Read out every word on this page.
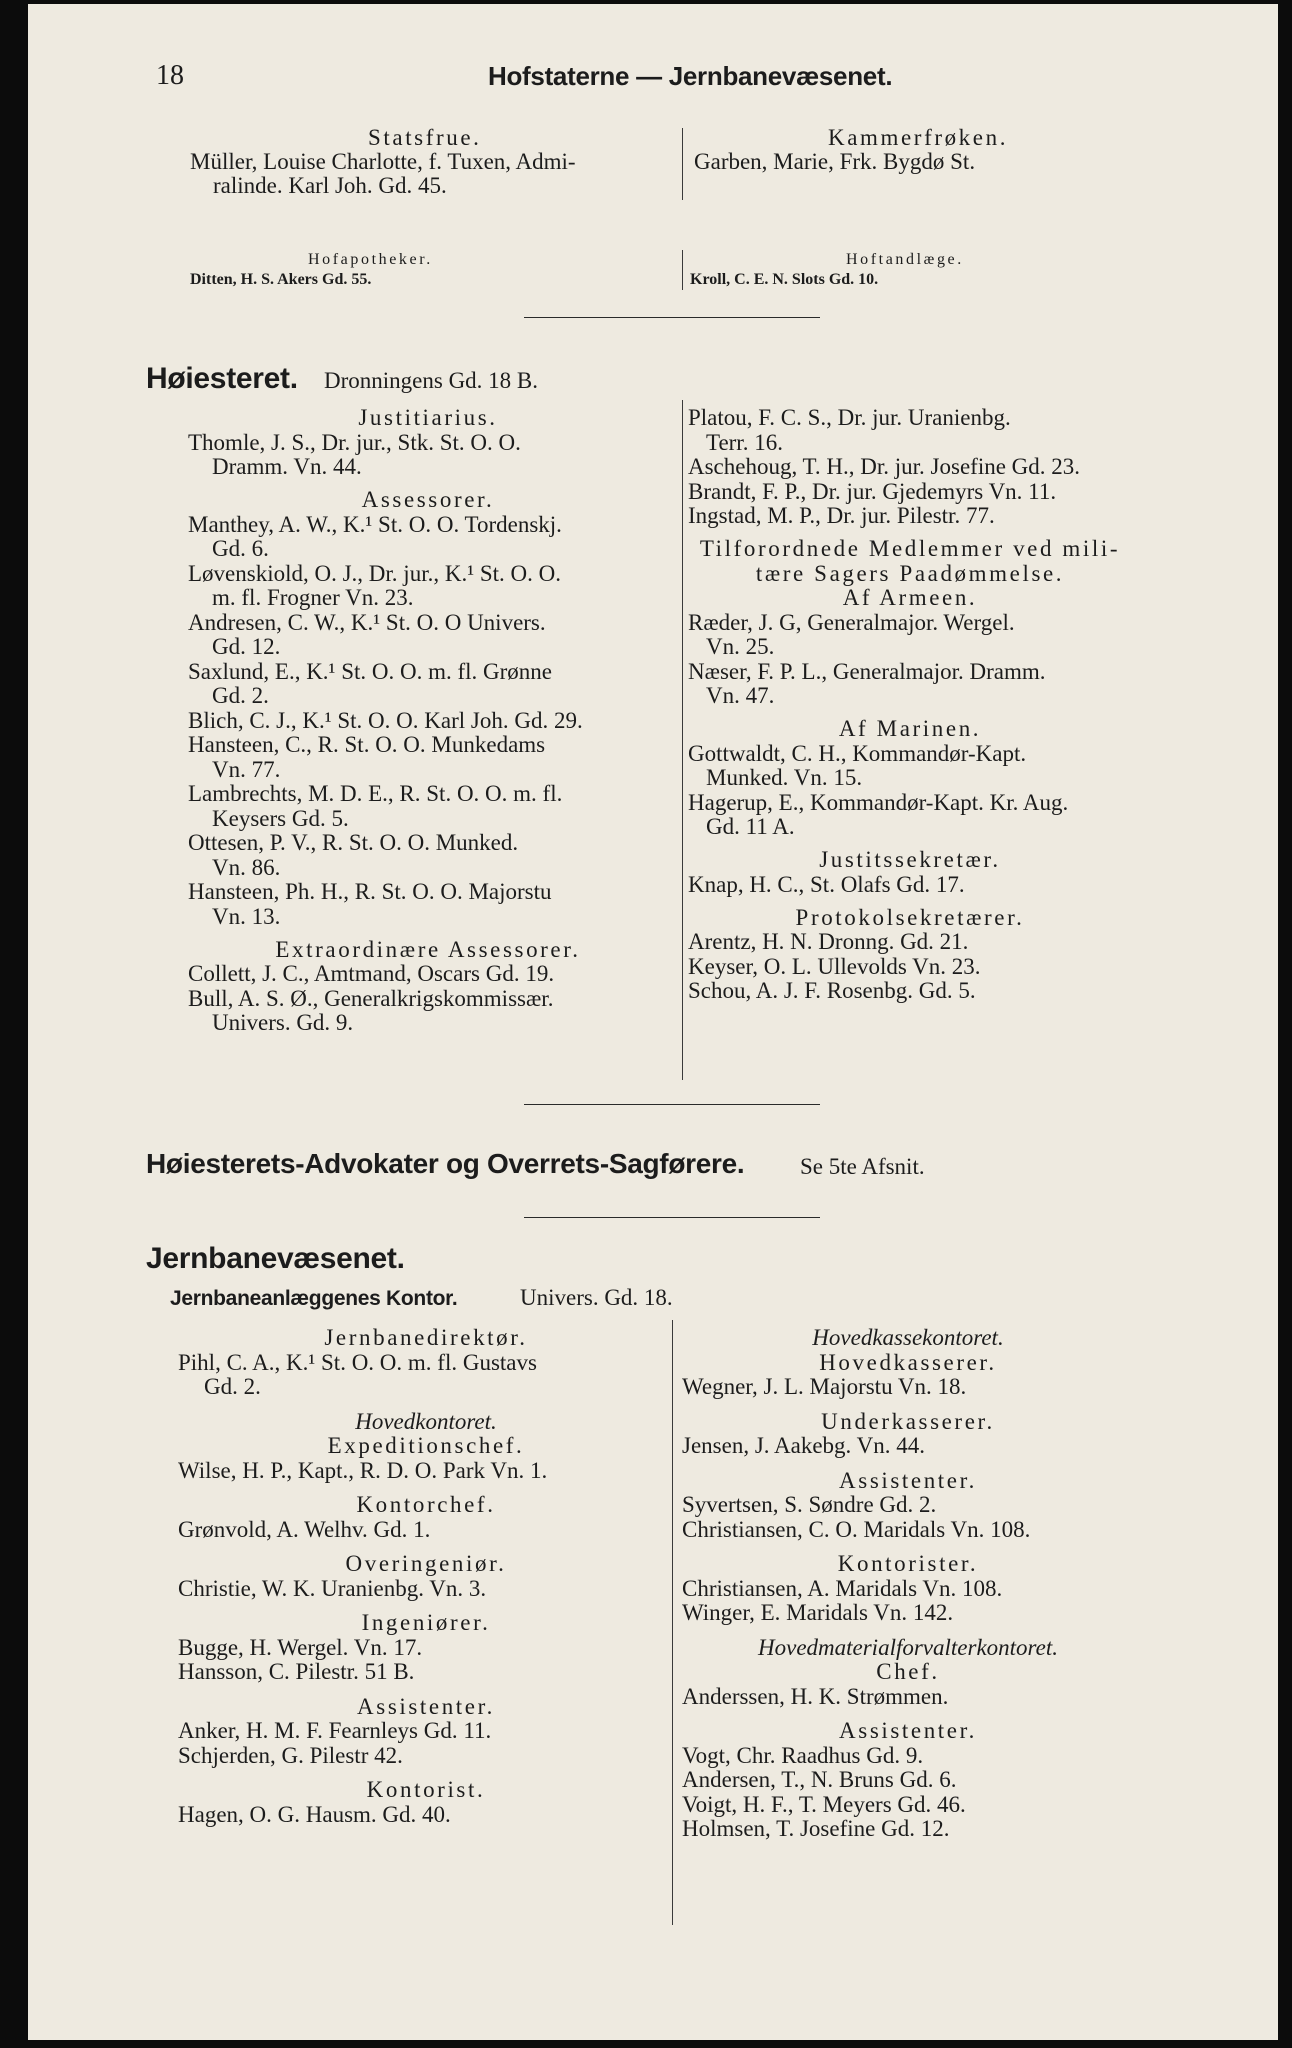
18	Hofstaterne — Jernbanevæsenet.
Statsfrue.
Müller, Louise Charlotte, f. Tuxen, Admi-
ralinde. Karl Joh. Gd. 45.
Kammerfrøken.
Garben, Marie, Frk. Bygdø St.
Hofapotheker.
Ditten, H. S. Akers Gd. 55.
Hoftandlæge.
Kroll, C. E. N. Slots Gd. 10.
Høiesteret. Dronningens Gd. 18 B.
Høiesterets-Advokater og Overrets-Sagførere. Se 5te Afsnit.
Jernbanevæsenet.
Jernbaneanlæggenes Kontor.	Univers. Gd. 18.
Justitiarius.
Thomle, J. S., Dr. jur., Stk. St. O. O.
Dramm. Vn. 44.
Assessorer.
Manthey, A. W., K.¹ St. O. O. Tordenskj.
Gd. 6.
Løvenskiold, O. J., Dr. jur., K.¹ St. O. O.
m. fl. Frogner Vn. 23.
Andresen, C. W., K.¹ St. O. O Univers.
Gd. 12.
Saxlund, E., K.¹ St. O. O. m. fl. Grønne
Gd. 2.
Blich, C. J., K.¹ St. O. O. Karl Joh. Gd. 29.
Hansteen, C., R. St. O. O. Munkedams
Vn. 77.
Lambrechts, M. D. E., R. St. O. O. m. fl.
Keysers Gd. 5.
Ottesen, P. V., R. St. O. O. Munked.
Vn. 86.
Hansteen, Ph. H., R. St. O. O. Majorstu
Vn. 13.
Extraordinære Assessorer.
Collett, J. C., Amtmand, Oscars Gd. 19.
Bull, A. S. Ø., Generalkrigskommissær.
Univers. Gd. 9.
Platou, F. C. S., Dr. jur. Uranienbg.
Terr. 16.
Aschehoug, T. H., Dr. jur. Josefine Gd. 23.
Brandt, F. P., Dr. jur. Gjedemyrs Vn. 11.
Ingstad, M. P., Dr. jur. Pilestr. 77.
Tilforordnede Medlemmer ved mili-
tære Sagers Paadømmelse.
Af Armeen.
Ræder, J. G, Generalmajor. Wergel.
Vn. 25.
Næser, F. P. L., Generalmajor. Dramm.
Vn. 47.
Af Marinen.
Gottwaldt, C. H., Kommandør-Kapt.
Munked. Vn. 15.
Hagerup, E., Kommandør-Kapt. Kr. Aug.
Gd. 11 A.
Justitssekretær.
Knap, H. C., St. Olafs Gd. 17.
Protokolsekretærer.
Arentz, H. N. Dronng. Gd. 21.
Keyser, O. L. Ullevolds Vn. 23.
Schou, A. J. F. Rosenbg. Gd. 5.
Jernbanedirektør.
Pihl, C. A., K.¹ St. O. O. m. fl. Gustavs
Gd. 2.
Hovedkontoret.
Expeditionschef.
Wilse, H. P., Kapt., R. D. O. Park Vn. 1.
Kontorchef.
Grønvold, A. Welhv. Gd. 1.
Overingeniør.
Christie, W. K. Uranienbg. Vn. 3.
Ingeniører.
Bugge, H. Wergel. Vn. 17.
Hansson, C. Pilestr. 51 B.
Assistenter.
Anker, H. M. F. Fearnleys Gd. 11.
Schjerden, G. Pilestr 42.
Kontorist.
Hagen, O. G. Hausm. Gd. 40.
Hovedkassekontoret.
Hovedkasserer.
Wegner, J. L. Majorstu Vn. 18.
Underkasserer.
Jensen, J. Aakebg. Vn. 44.
Assistenter.
Syvertsen, S. Søndre Gd. 2.
Christiansen, C. O. Maridals Vn. 108.
Kontorister.
Christiansen, A. Maridals Vn. 108.
Winger, E. Maridals Vn. 142.
Hovedmaterialforvalterkontoret.
Chef.
Anderssen, H. K. Strømmen.
Assistenter.
Vogt, Chr. Raadhus Gd. 9.
Andersen, T., N. Bruns Gd. 6.
Voigt, H. F., T. Meyers Gd. 46.
Holmsen, T. Josefine Gd. 12.
